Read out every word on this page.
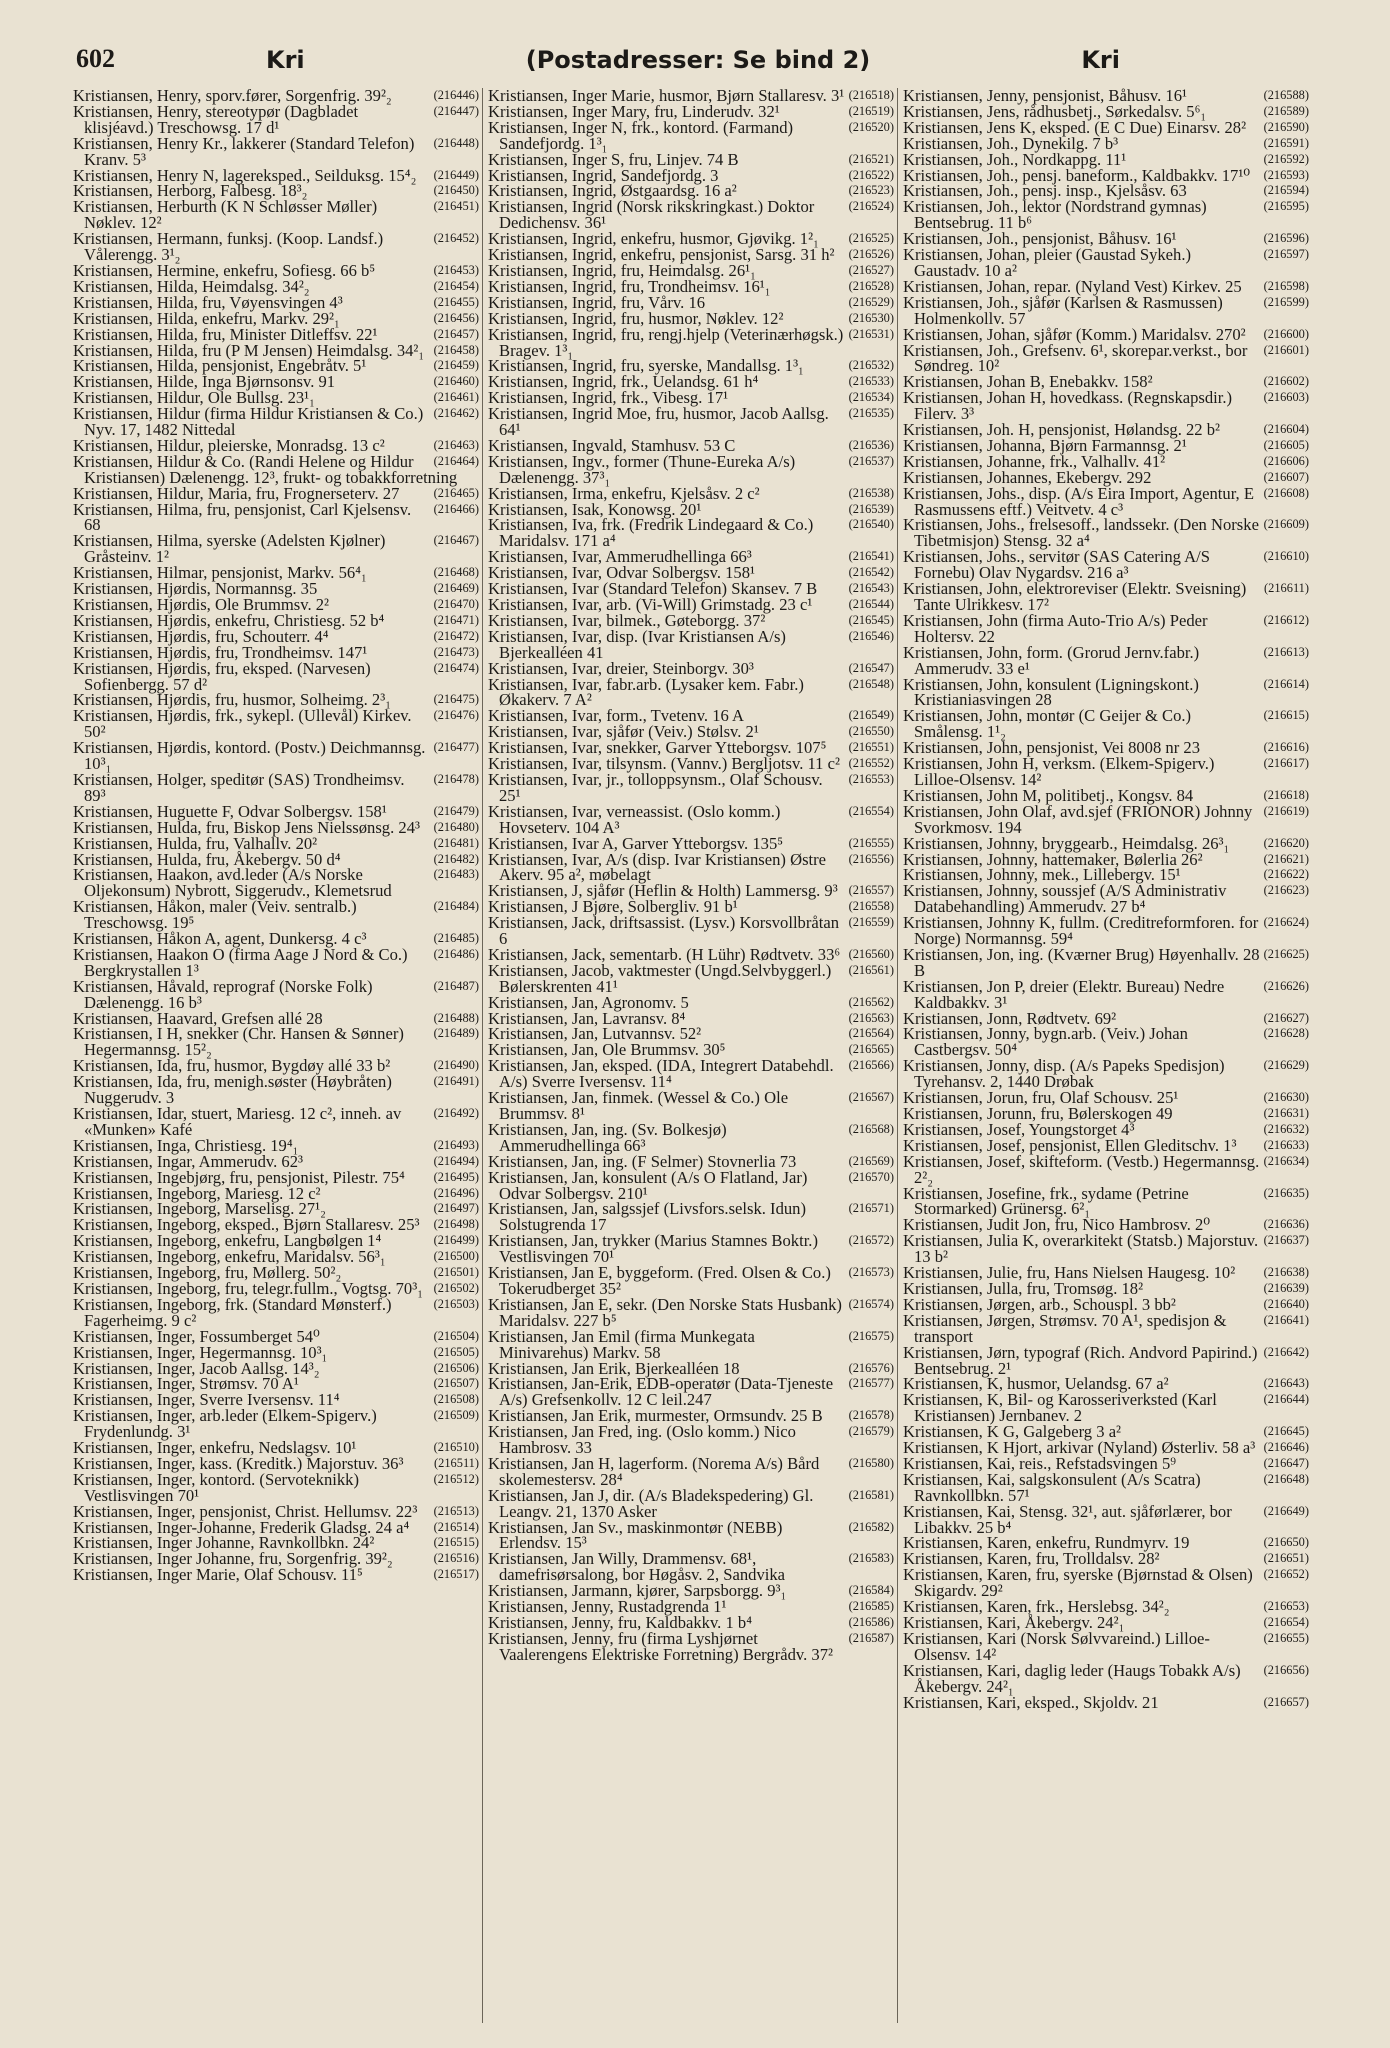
602	Kri	(Postadresser: Se bind 2)	Kri
(216446)
Kristiansen, Henry, sporv.fører, Sorgenfrig. 39²₂
(216447)
Kristiansen, Henry, stereotypør (Dagbladet klisjéavd.) Treschowsg. 17 d¹
(216448)
Kristiansen, Henry Kr., lakkerer (Standard Telefon) Kranv. 5³
(216449)
Kristiansen, Henry N, lagereksped., Seilduksg. 15⁴₂
(216450)
Kristiansen, Herborg, Falbesg. 18³₂
(216451)
Kristiansen, Herburth (K N Schløsser Møller) Nøklev. 12²
(216452)
Kristiansen, Hermann, funksj. (Koop. Landsf.) Vålerengg. 3¹₂
(216453)
Kristiansen, Hermine, enkefru, Sofiesg. 66 b⁵
(216454)
Kristiansen, Hilda, Heimdalsg. 34²₂
(216455)
Kristiansen, Hilda, fru, Vøyensvingen 4³
(216456)
Kristiansen, Hilda, enkefru, Markv. 29²₁
(216457)
Kristiansen, Hilda, fru, Minister Ditleffsv. 22¹
(216458)
Kristiansen, Hilda, fru (P M Jensen) Heimdalsg. 34²₁
(216459)
Kristiansen, Hilda, pensjonist, Engebråtv. 5¹
(216460)
Kristiansen, Hilde, Inga Bjørnsonsv. 91
(216461)
Kristiansen, Hildur, Ole Bullsg. 23¹₁
(216462)
Kristiansen, Hildur (firma Hildur Kristiansen & Co.) Nyv. 17, 1482 Nittedal
(216463)
Kristiansen, Hildur, pleierske, Monradsg. 13 c²
(216464)
Kristiansen, Hildur & Co. (Randi Helene og Hildur Kristiansen) Dælenengg. 12³, frukt- og tobakkforretning
(216465)
Kristiansen, Hildur, Maria, fru, Frognerseterv. 27
(216466)
Kristiansen, Hilma, fru, pensjonist, Carl Kjelsensv. 68
(216467)
Kristiansen, Hilma, syerske (Adelsten Kjølner) Gråsteinv. 1²
(216468)
Kristiansen, Hilmar, pensjonist, Markv. 56⁴₁
(216469)
Kristiansen, Hjørdis, Normannsg. 35
(216470)
Kristiansen, Hjørdis, Ole Brummsv. 2²
(216471)
Kristiansen, Hjørdis, enkefru, Christiesg. 52 b⁴
(216472)
Kristiansen, Hjørdis, fru, Schouterr. 4⁴
(216473)
Kristiansen, Hjørdis, fru, Trondheimsv. 147¹
(216474)
Kristiansen, Hjørdis, fru, eksped. (Narvesen) Sofienbergg. 57 d²
(216475)
Kristiansen, Hjørdis, fru, husmor, Solheimg. 2³₁
(216476)
Kristiansen, Hjørdis, frk., sykepl. (Ullevål) Kirkev. 50²
(216477)
Kristiansen, Hjørdis, kontord. (Postv.) Deichmannsg. 10³₁
(216478)
Kristiansen, Holger, speditør (SAS) Trondheimsv. 89³
(216479)
Kristiansen, Huguette F, Odvar Solbergsv. 158¹
(216480)
Kristiansen, Hulda, fru, Biskop Jens Nielssønsg. 24³
(216481)
Kristiansen, Hulda, fru, Valhallv. 20²
(216482)
Kristiansen, Hulda, fru, Åkebergv. 50 d⁴
(216483)
Kristiansen, Haakon, avd.leder (A/s Norske Oljekonsum) Nybrott, Siggerudv., Klemetsrud
(216484)
Kristiansen, Håkon, maler (Veiv. sentralb.) Treschowsg. 19⁵
(216485)
Kristiansen, Håkon A, agent, Dunkersg. 4 c³
(216486)
Kristiansen, Haakon O (firma Aage J Nord & Co.) Bergkrystallen 1³
(216487)
Kristiansen, Håvald, reprograf (Norske Folk) Dælenengg. 16 b³
(216488)
Kristiansen, Haavard, Grefsen allé 28
(216489)
Kristiansen, I H, snekker (Chr. Hansen & Sønner) Hegermannsg. 15²₂
(216490)
Kristiansen, Ida, fru, husmor, Bygdøy allé 33 b²
(216491)
Kristiansen, Ida, fru, menigh.søster (Høybråten) Nuggerudv. 3
(216492)
Kristiansen, Idar, stuert, Mariesg. 12 c², inneh. av «Munken» Kafé
(216493)
Kristiansen, Inga, Christiesg. 19⁴₁
(216494)
Kristiansen, Ingar, Ammerudv. 62³
(216495)
Kristiansen, Ingebjørg, fru, pensjonist, Pilestr. 75⁴
(216496)
Kristiansen, Ingeborg, Mariesg. 12 c²
(216497)
Kristiansen, Ingeborg, Marselisg. 27¹₂
(216498)
Kristiansen, Ingeborg, eksped., Bjørn Stallaresv. 25³
(216499)
Kristiansen, Ingeborg, enkefru, Langbølgen 1⁴
(216500)
Kristiansen, Ingeborg, enkefru, Maridalsv. 56³₁
(216501)
Kristiansen, Ingeborg, fru, Møllerg. 50²₂
(216502)
Kristiansen, Ingeborg, fru, telegr.fullm., Vogtsg. 70³₁
(216503)
Kristiansen, Ingeborg, frk. (Standard Mønsterf.) Fagerheimg. 9 c²
(216504)
Kristiansen, Inger, Fossumberget 54⁰
(216505)
Kristiansen, Inger, Hegermannsg. 10³₁
(216506)
Kristiansen, Inger, Jacob Aallsg. 14³₂
(216507)
Kristiansen, Inger, Strømsv. 70 A¹
(216508)
Kristiansen, Inger, Sverre Iversensv. 11⁴
(216509)
Kristiansen, Inger, arb.leder (Elkem-Spigerv.) Frydenlundg. 3¹
(216510)
Kristiansen, Inger, enkefru, Nedslagsv. 10¹
(216511)
Kristiansen, Inger, kass. (Kreditk.) Majorstuv. 36³
(216512)
Kristiansen, Inger, kontord. (Servoteknikk) Vestlisvingen 70¹
(216513)
Kristiansen, Inger, pensjonist, Christ. Hellumsv. 22³
(216514)
Kristiansen, Inger-Johanne, Frederik Gladsg. 24 a⁴
(216515)
Kristiansen, Inger Johanne, Ravnkollbkn. 24²
(216516)
Kristiansen, Inger Johanne, fru, Sorgenfrig. 39²₂
(216517)
Kristiansen, Inger Marie, Olaf Schousv. 11⁵
(216518)
Kristiansen, Inger Marie, husmor, Bjørn Stallaresv. 3¹
(216519)
Kristiansen, Inger Mary, fru, Linderudv. 32¹
(216520)
Kristiansen, Inger N, frk., kontord. (Farmand) Sandefjordg. 1³₁
(216521)
Kristiansen, Inger S, fru, Linjev. 74 B
(216522)
Kristiansen, Ingrid, Sandefjordg. 3
(216523)
Kristiansen, Ingrid, Østgaardsg. 16 a²
(216524)
Kristiansen, Ingrid (Norsk rikskringkast.) Doktor Dedichensv. 36¹
(216525)
Kristiansen, Ingrid, enkefru, husmor, Gjøvikg. 1²₁
(216526)
Kristiansen, Ingrid, enkefru, pensjonist, Sarsg. 31 h²
(216527)
Kristiansen, Ingrid, fru, Heimdalsg. 26¹₁
(216528)
Kristiansen, Ingrid, fru, Trondheimsv. 16¹₁
(216529)
Kristiansen, Ingrid, fru, Vårv. 16
(216530)
Kristiansen, Ingrid, fru, husmor, Nøklev. 12²
(216531)
Kristiansen, Ingrid, fru, rengj.hjelp (Veterinærhøgsk.) Bragev. 1³₁
(216532)
Kristiansen, Ingrid, fru, syerske, Mandallsg. 1³₁
(216533)
Kristiansen, Ingrid, frk., Uelandsg. 61 h⁴
(216534)
Kristiansen, Ingrid, frk., Vibesg. 17¹
(216535)
Kristiansen, Ingrid Moe, fru, husmor, Jacob Aallsg. 64¹
(216536)
Kristiansen, Ingvald, Stamhusv. 53 C
(216537)
Kristiansen, Ingv., former (Thune-Eureka A/s) Dælenengg. 37³₁
(216538)
Kristiansen, Irma, enkefru, Kjelsåsv. 2 c²
(216539)
Kristiansen, Isak, Konowsg. 20¹
(216540)
Kristiansen, Iva, frk. (Fredrik Lindegaard & Co.) Maridalsv. 171 a⁴
(216541)
Kristiansen, Ivar, Ammerudhellinga 66³
(216542)
Kristiansen, Ivar, Odvar Solbergsv. 158¹
(216543)
Kristiansen, Ivar (Standard Telefon) Skansev. 7 B
(216544)
Kristiansen, Ivar, arb. (Vi-Will) Grimstadg. 23 c¹
(216545)
Kristiansen, Ivar, bilmek., Gøteborgg. 37²
(216546)
Kristiansen, Ivar, disp. (Ivar Kristiansen A/s) Bjerkealléen 41
(216547)
Kristiansen, Ivar, dreier, Steinborgv. 30³
(216548)
Kristiansen, Ivar, fabr.arb. (Lysaker kem. Fabr.) Økakerv. 7 A²
(216549)
Kristiansen, Ivar, form., Tvetenv. 16 A
(216550)
Kristiansen, Ivar, sjåfør (Veiv.) Stølsv. 2¹
(216551)
Kristiansen, Ivar, snekker, Garver Ytteborgsv. 107⁵
(216552)
Kristiansen, Ivar, tilsynsm. (Vannv.) Bergljotsv. 11 c²
(216553)
Kristiansen, Ivar, jr., tolloppsynsm., Olaf Schousv. 25¹
(216554)
Kristiansen, Ivar, verneassist. (Oslo komm.) Hovseterv. 104 A³
(216555)
Kristiansen, Ivar A, Garver Ytteborgsv. 135⁵
(216556)
Kristiansen, Ivar, A/s (disp. Ivar Kristiansen) Østre Akerv. 95 a², møbelagt
(216557)
Kristiansen, J, sjåfør (Heflin & Holth) Lammersg. 9³
(216558)
Kristiansen, J Bjøre, Solbergliv. 91 b¹
(216559)
Kristiansen, Jack, driftsassist. (Lysv.) Korsvollbråtan 6
(216560)
Kristiansen, Jack, sementarb. (H Lühr) Rødtvetv. 33⁶
(216561)
Kristiansen, Jacob, vaktmester (Ungd.Selvbyggerl.) Bølerskrenten 41¹
(216562)
Kristiansen, Jan, Agronomv. 5
(216563)
Kristiansen, Jan, Lavransv. 8⁴
(216564)
Kristiansen, Jan, Lutvannsv. 52²
(216565)
Kristiansen, Jan, Ole Brummsv. 30⁵
(216566)
Kristiansen, Jan, eksped. (IDA, Integrert Databehdl. A/s) Sverre Iversensv. 11⁴
(216567)
Kristiansen, Jan, finmek. (Wessel & Co.) Ole Brummsv. 8¹
(216568)
Kristiansen, Jan, ing. (Sv. Bolkesjø) Ammerudhellinga 66³
(216569)
Kristiansen, Jan, ing. (F Selmer) Stovnerlia 73
(216570)
Kristiansen, Jan, konsulent (A/s O Flatland, Jar) Odvar Solbergsv. 210¹
(216571)
Kristiansen, Jan, salgssjef (Livsfors.selsk. Idun) Solstugrenda 17
(216572)
Kristiansen, Jan, trykker (Marius Stamnes Boktr.) Vestlisvingen 70¹
(216573)
Kristiansen, Jan E, byggeform. (Fred. Olsen & Co.) Tokerudberget 35²
(216574)
Kristiansen, Jan E, sekr. (Den Norske Stats Husbank) Maridalsv. 227 b⁵
(216575)
Kristiansen, Jan Emil (firma Munkegata Minivarehus) Markv. 58
(216576)
Kristiansen, Jan Erik, Bjerkealléen 18
(216577)
Kristiansen, Jan-Erik, EDB-operatør (Data-Tjeneste A/s) Grefsenkollv. 12 C leil.247
(216578)
Kristiansen, Jan Erik, murmester, Ormsundv. 25 B
(216579)
Kristiansen, Jan Fred, ing. (Oslo komm.) Nico Hambrosv. 33
(216580)
Kristiansen, Jan H, lagerform. (Norema A/s) Bård skolemestersv. 28⁴
(216581)
Kristiansen, Jan J, dir. (A/s Bladekspedering) Gl. Leangv. 21, 1370 Asker
(216582)
Kristiansen, Jan Sv., maskinmontør (NEBB) Erlendsv. 15³
(216583)
Kristiansen, Jan Willy, Drammensv. 68¹, damefrisørsalong, bor Høgåsv. 2, Sandvika
(216584)
Kristiansen, Jarmann, kjører, Sarpsborgg. 9³₁
(216585)
Kristiansen, Jenny, Rustadgrenda 1¹
(216586)
Kristiansen, Jenny, fru, Kaldbakkv. 1 b⁴
(216587)
Kristiansen, Jenny, fru (firma Lyshjørnet Vaalerengens Elektriske Forretning) Bergrådv. 37²
(216588)
Kristiansen, Jenny, pensjonist, Båhusv. 16¹
(216589)
Kristiansen, Jens, rådhusbetj., Sørkedalsv. 5⁶₁
(216590)
Kristiansen, Jens K, eksped. (E C Due) Einarsv. 28²
(216591)
Kristiansen, Joh., Dynekilg. 7 b³
(216592)
Kristiansen, Joh., Nordkappg. 11¹
(216593)
Kristiansen, Joh., pensj. baneform., Kaldbakkv. 17¹⁰
(216594)
Kristiansen, Joh., pensj. insp., Kjelsåsv. 63
(216595)
Kristiansen, Joh., lektor (Nordstrand gymnas) Bentsebrug. 11 b⁶
(216596)
Kristiansen, Joh., pensjonist, Båhusv. 16¹
(216597)
Kristiansen, Johan, pleier (Gaustad Sykeh.) Gaustadv. 10 a²
(216598)
Kristiansen, Johan, repar. (Nyland Vest) Kirkev. 25
(216599)
Kristiansen, Joh., sjåfør (Karlsen & Rasmussen) Holmenkollv. 57
(216600)
Kristiansen, Johan, sjåfør (Komm.) Maridalsv. 270²
(216601)
Kristiansen, Joh., Grefsenv. 6¹, skorepar.verkst., bor Søndreg. 10²
(216602)
Kristiansen, Johan B, Enebakkv. 158²
(216603)
Kristiansen, Johan H, hovedkass. (Regnskapsdir.) Filerv. 3³
(216604)
Kristiansen, Joh. H, pensjonist, Hølandsg. 22 b²
(216605)
Kristiansen, Johanna, Bjørn Farmannsg. 2¹
(216606)
Kristiansen, Johanne, frk., Valhallv. 41²
(216607)
Kristiansen, Johannes, Ekebergv. 292
(216608)
Kristiansen, Johs., disp. (A/s Eira Import, Agentur, E Rasmussens eftf.) Veitvetv. 4 c³
(216609)
Kristiansen, Johs., frelsesoff., landssekr. (Den Norske Tibetmisjon) Stensg. 32 a⁴
(216610)
Kristiansen, Johs., servitør (SAS Catering A/S Fornebu) Olav Nygardsv. 216 a³
(216611)
Kristiansen, John, elektroreviser (Elektr. Sveisning) Tante Ulrikkesv. 17²
(216612)
Kristiansen, John (firma Auto-Trio A/s) Peder Holtersv. 22
(216613)
Kristiansen, John, form. (Grorud Jernv.fabr.) Ammerudv. 33 e¹
(216614)
Kristiansen, John, konsulent (Ligningskont.) Kristianiasvingen 28
(216615)
Kristiansen, John, montør (C Geijer & Co.) Smålensg. 1¹₂
(216616)
Kristiansen, John, pensjonist, Vei 8008 nr 23
(216617)
Kristiansen, John H, verksm. (Elkem-Spigerv.) Lilloe-Olsensv. 14²
(216618)
Kristiansen, John M, politibetj., Kongsv. 84
(216619)
Kristiansen, John Olaf, avd.sjef (FRIONOR) Johnny Svorkmosv. 194
(216620)
Kristiansen, Johnny, bryggearb., Heimdalsg. 26³₁
(216621)
Kristiansen, Johnny, hattemaker, Bølerlia 26²
(216622)
Kristiansen, Johnny, mek., Lillebergv. 15¹
(216623)
Kristiansen, Johnny, soussjef (A/S Administrativ Databehandling) Ammerudv. 27 b⁴
(216624)
Kristiansen, Johnny K, fullm. (Creditreformforen. for Norge) Normannsg. 59⁴
(216625)
Kristiansen, Jon, ing. (Kværner Brug) Høyenhallv. 28 B
(216626)
Kristiansen, Jon P, dreier (Elektr. Bureau) Nedre Kaldbakkv. 3¹
(216627)
Kristiansen, Jonn, Rødtvetv. 69²
(216628)
Kristiansen, Jonny, bygn.arb. (Veiv.) Johan Castbergsv. 50⁴
(216629)
Kristiansen, Jonny, disp. (A/s Papeks Spedisjon) Tyrehansv. 2, 1440 Drøbak
(216630)
Kristiansen, Jorun, fru, Olaf Schousv. 25¹
(216631)
Kristiansen, Jorunn, fru, Bølerskogen 49
(216632)
Kristiansen, Josef, Youngstorget 4³
(216633)
Kristiansen, Josef, pensjonist, Ellen Gleditschv. 1³
(216634)
Kristiansen, Josef, skifteform. (Vestb.) Hegermannsg. 2²₂
(216635)
Kristiansen, Josefine, frk., sydame (Petrine Stormarked) Grünersg. 6²₁
(216636)
Kristiansen, Judit Jon, fru, Nico Hambrosv. 2⁰
(216637)
Kristiansen, Julia K, overarkitekt (Statsb.) Majorstuv. 13 b²
(216638)
Kristiansen, Julie, fru, Hans Nielsen Haugesg. 10²
(216639)
Kristiansen, Julla, fru, Tromsøg. 18²
(216640)
Kristiansen, Jørgen, arb., Schouspl. 3 bb²
(216641)
Kristiansen, Jørgen, Strømsv. 70 A¹, spedisjon & transport
(216642)
Kristiansen, Jørn, typograf (Rich. Andvord Papirind.) Bentsebrug. 2¹
(216643)
Kristiansen, K, husmor, Uelandsg. 67 a²
(216644)
Kristiansen, K, Bil- og Karosseriverksted (Karl Kristiansen) Jernbanev. 2
(216645)
Kristiansen, K G, Galgeberg 3 a²
(216646)
Kristiansen, K Hjort, arkivar (Nyland) Østerliv. 58 a³
(216647)
Kristiansen, Kai, reis., Refstadsvingen 5⁹
(216648)
Kristiansen, Kai, salgskonsulent (A/s Scatra) Ravnkollbkn. 57¹
(216649)
Kristiansen, Kai, Stensg. 32¹, aut. sjåførlærer, bor Libakkv. 25 b⁴
(216650)
Kristiansen, Karen, enkefru, Rundmyrv. 19
(216651)
Kristiansen, Karen, fru, Trolldalsv. 28²
(216652)
Kristiansen, Karen, fru, syerske (Bjørnstad & Olsen) Skigardv. 29²
(216653)
Kristiansen, Karen, frk., Herslebsg. 34²₂
(216654)
Kristiansen, Kari, Åkebergv. 24²₁
(216655)
Kristiansen, Kari (Norsk Sølvvareind.) Lilloe-Olsensv. 14²
(216656)
Kristiansen, Kari, daglig leder (Haugs Tobakk A/s) Åkebergv. 24²₁
(216657)
Kristiansen, Kari, eksped., Skjoldv. 21
